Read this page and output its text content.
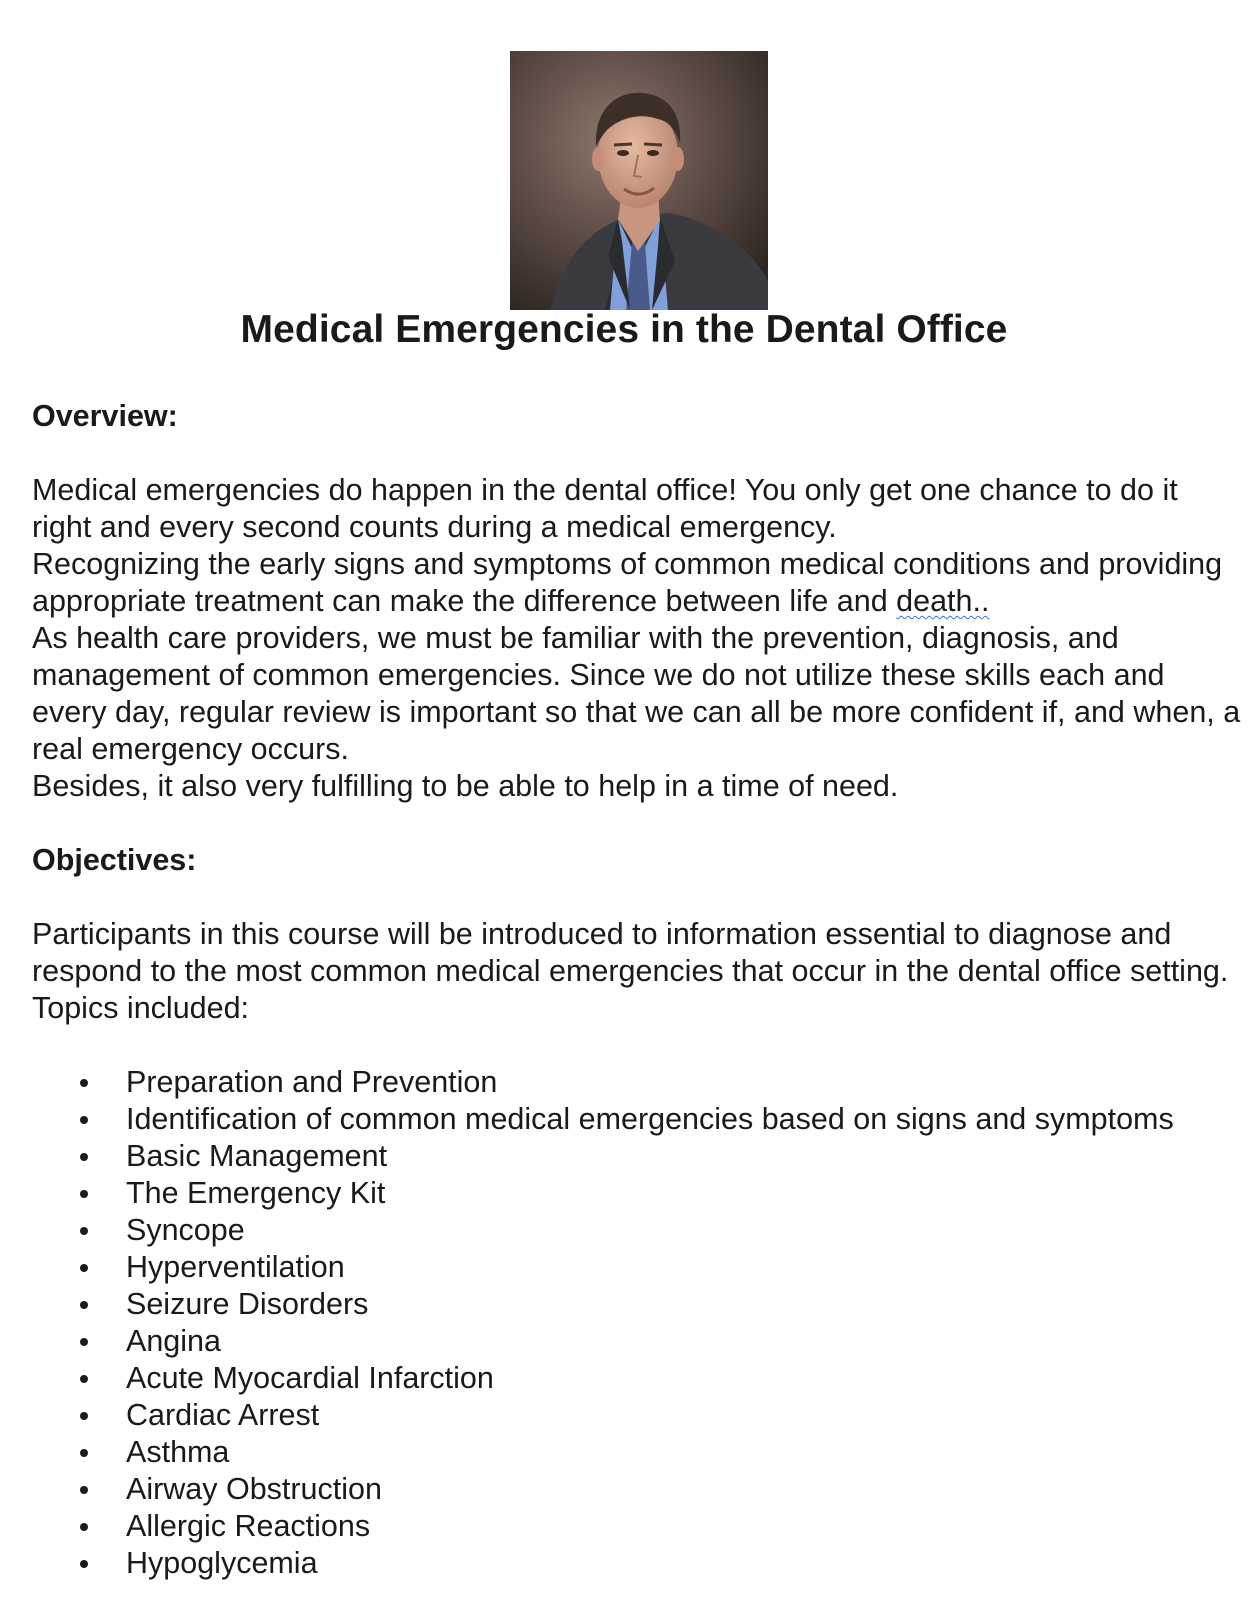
Medical Emergencies in the Dental Office

Overview:

Medical emergencies do happen in the dental office! You only get one chance to do it right and every second counts during a medical emergency.

Recognizing the early signs and symptoms of common medical conditions and providing appropriate treatment can make the difference between life and death..

As health care providers, we must be familiar with the prevention, diagnosis, and management of common emergencies. Since we do not utilize these skills each and every day, regular review is important so that we can all be more confident if, and when, a real emergency occurs.

Besides, it also very fulfilling to be able to help in a time of need.

Objectives:

Participants in this course will be introduced to information essential to diagnose and respond to the most common medical emergencies that occur in the dental office setting. Topics included:

Preparation and Prevention
Identification of common medical emergencies based on signs and symptoms
Basic Management
The Emergency Kit
Syncope
Hyperventilation
Seizure Disorders
Angina
Acute Myocardial Infarction
Cardiac Arrest
Asthma
Airway Obstruction
Allergic Reactions
Hypoglycemia
